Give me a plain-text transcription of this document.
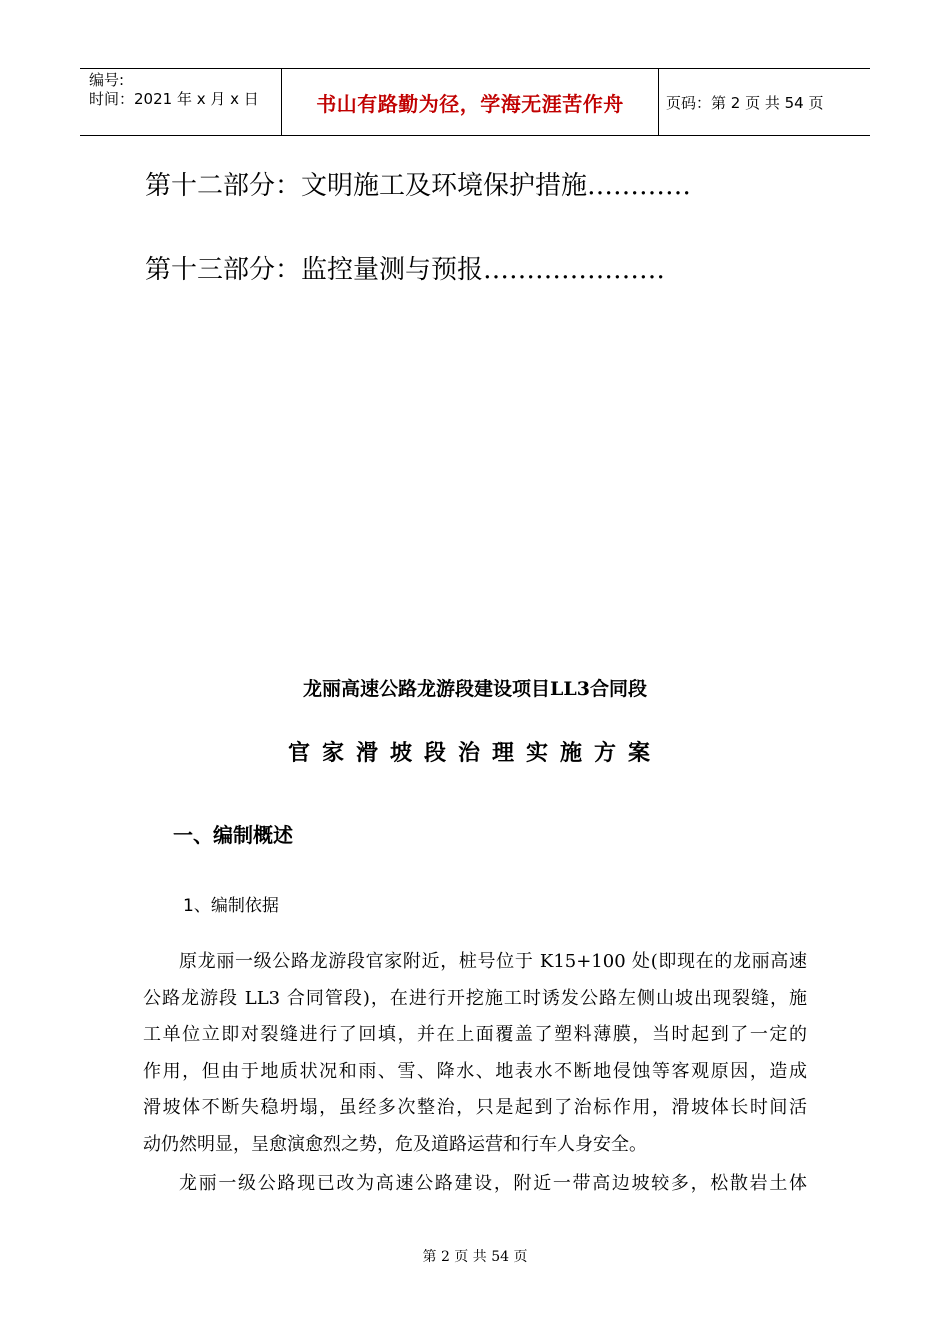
编号:
时间：2021 年 x 月 x 日	书山有路勤为径，学海无涯苦作舟	页码：第 2 页 共 54 页
第十二部分：文明施工及环境保护措施…………
第十三部分：监控量测与预报…………………
龙丽高速公路龙游段建设项目LL3合同段
官家滑坡段治理实施方案
一、编制概述
1、编制依据
原龙丽一级公路龙游段官家附近，桩号位于 K15+100 处(即现在的龙丽高速
公路龙游段 LL3 合同管段)，在进行开挖施工时诱发公路左侧山坡出现裂缝，施
工单位立即对裂缝进行了回填，并在上面覆盖了塑料薄膜，当时起到了一定的
作用，但由于地质状况和雨、雪、降水、地表水不断地侵蚀等客观原因，造成
滑坡体不断失稳坍塌，虽经多次整治，只是起到了治标作用，滑坡体长时间活
动仍然明显，呈愈演愈烈之势，危及道路运营和行车人身安全。
龙丽一级公路现已改为高速公路建设，附近一带高边坡较多，松散岩土体
第 2 页 共 54 页
